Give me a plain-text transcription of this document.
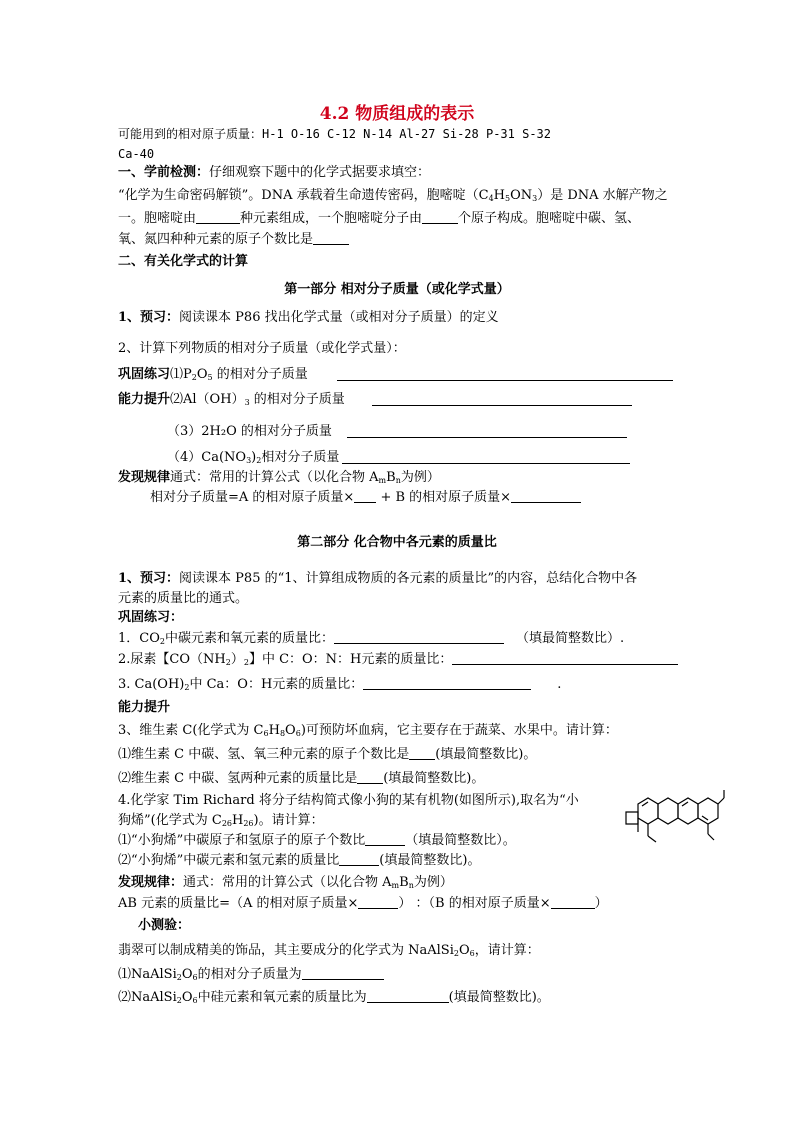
4.2 物质组成的表示
可能用到的相对原子质量：H-1 O-16 C-12 N-14 Al-27 Si-28 P-31 S-32
Ca-40
一、学前检测：仔细观察下题中的化学式据要求填空：
“化学为生命密码解锁”。DNA 承载着生命遗传密码，胞嘧啶$(C_4H_5ON_3)$是 DNA 水解产物之
一。胞嘧啶由	种元素组成，一个胞嘧啶分子由	个原子构成。胞嘧啶中碳、氢、
氧、氮四种种元素的原子个数比是
二、有关化学式的计算
第一部分 相对分子质量（或化学式量）
1、预习：阅读课本 P86 找出化学式量（或相对分子质量）的定义
2、计算下列物质的相对分子质量（或化学式量）：
巩固练习$⑴P_2O_5$ 的相对分子质量
能力提升$⑵Al(OH)_3$ 的相对分子质量
（3）2H₂O 的相对分子质量
$(4)Ca(NO_3)_2$相对分子质量
发现规律通式：常用的计算公式（以化合物 $A_mB_n$为例）
相对分子质量=A 的相对原子质量× + B 的相对原子质量×
第二部分 化合物中各元素的质量比
1、预习：阅读课本 P85 的“1、计算组成物质的各元素的质量比”的内容，总结化合物中各
元素的质量比的通式。
巩固练习：
1．$CO_2$中碳元素和氧元素的质量比：	（填最简整数比）.
2.尿素【$CO(NH_2)_2$】中 C：O：N：H元素的质量比：
3. $Ca(OH)_2$中 Ca：O：H元素的质量比：	.
能力提升
3、维生素 C(化学式为 $C_6H_8O_6$)可预防坏血病，它主要存在于蔬菜、水果中。请计算：
⑴维生素 C 中碳、氢、氧三种元素的原子个数比是 (填最简整数比)。
⑵维生素 C 中碳、氢两种元素的质量比是 (填最简整数比)。
4.化学家 Tim Richard 将分子结构简式像小狗的某有机物(如图所示),取名为“小
狗烯”(化学式为 $C_{26}H_{26}$)。请计算：
⑴“小狗烯”中碳原子和氢原子的原子个数比	（填最简整数比）。
⑵“小狗烯”中碳元素和氢元素的质量比	(填最简整数比)。
发现规律：通式：常用的计算公式（以化合物 $A_mB_n$为例）
AB 元素的质量比=（A 的相对原子质量×	） ：（B 的相对原子质量×	）
小测验：
翡翠可以制成精美的饰品，其主要成分的化学式为 $NaAlSi_2O_6$，请计算：
$⑴NaAlSi_2O_6$的相对分子质量为
$⑵NaAlSi_2O_6$中硅元素和氧元素的质量比为	(填最简整数比)。
